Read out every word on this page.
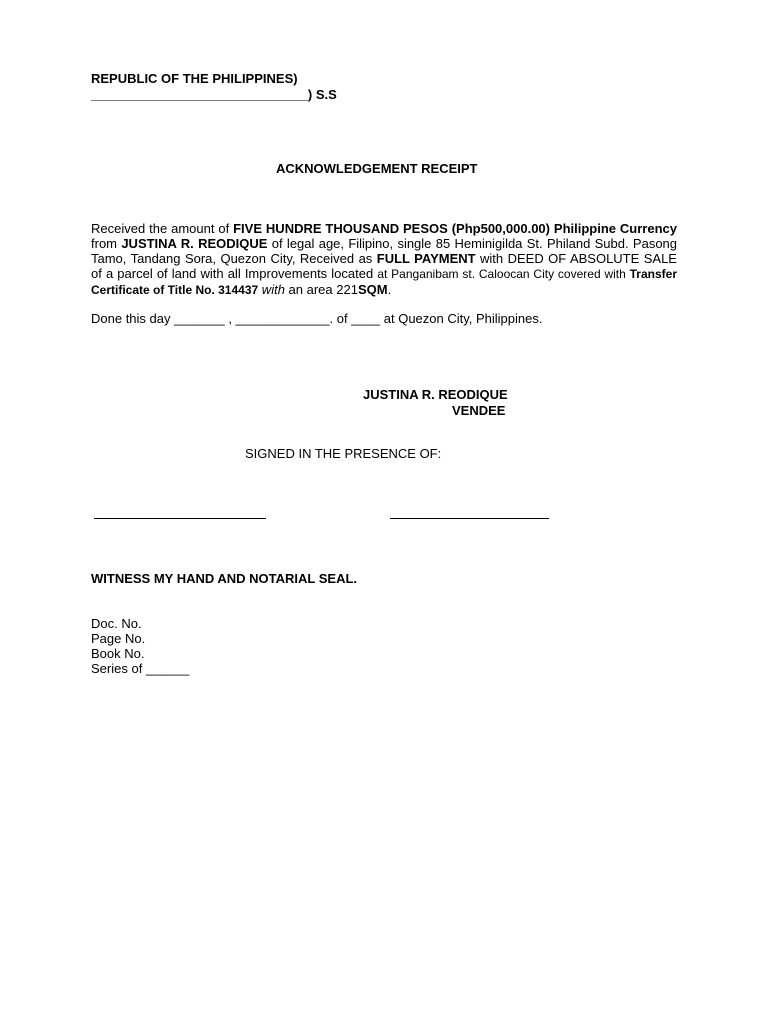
REPUBLIC OF THE PHILIPPINES)
______________________________) S.S
ACKNOWLEDGEMENT RECEIPT
Received the amount of FIVE HUNDRE THOUSAND PESOS (Php500,000.00) Philippine Currency from JUSTINA R. REODIQUE of legal age, Filipino, single 85 Heminigilda St. Philand Subd. Pasong Tamo, Tandang Sora, Quezon City, Received as FULL PAYMENT with DEED OF ABSOLUTE SALE of a parcel of land with all Improvements located at Panganibam st. Caloocan City covered with Transfer Certificate of Title No. 314437 with an area 221SQM.
Done this day _______ , _____________. of ____ at Quezon City, Philippines.
JUSTINA R. REODIQUE
VENDEE
SIGNED IN THE PRESENCE OF:
WITNESS MY HAND AND NOTARIAL SEAL.
Doc. No.
Page No.
Book No.
Series of ______
